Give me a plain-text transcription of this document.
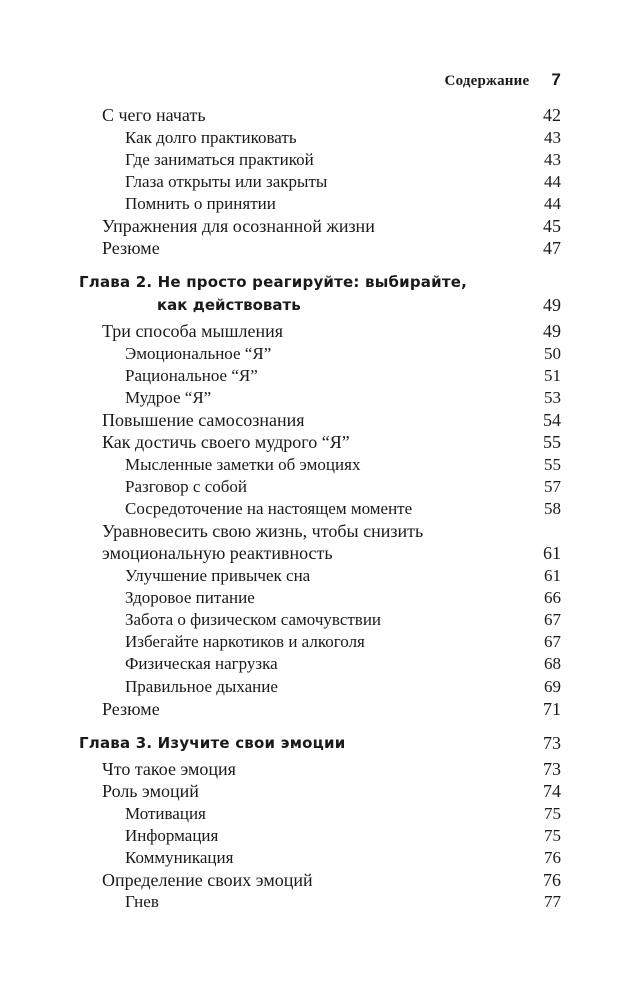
Содержание 7
С чего начать	42
Как долго практиковать	43
Где заниматься практикой	43
Глаза открыты или закрыты	44
Помнить о принятии	44
Упражнения для осознанной жизни	45
Резюме	47
Глава 2. Не просто реагируйте: выбирайте,
как действовать	49
Три способа мышления	49
Эмоциональное “Я”	50
Рациональное “Я”	51
Мудрое “Я”	53
Повышение самосознания	54
Как достичь своего мудрого “Я”	55
Мысленные заметки об эмоциях	55
Разговор с собой	57
Сосредоточение на настоящем моменте	58
Уравновесить свою жизнь, чтобы снизить
эмоциональную реактивность	61
Улучшение привычек сна	61
Здоровое питание	66
Забота о физическом самочувствии	67
Избегайте наркотиков и алкоголя	67
Физическая нагрузка	68
Правильное дыхание	69
Резюме	71
Глава 3. Изучите свои эмоции	73
Что такое эмоция	73
Роль эмоций	74
Мотивация	75
Информация	75
Коммуникация	76
Определение своих эмоций	76
Гнев	77
